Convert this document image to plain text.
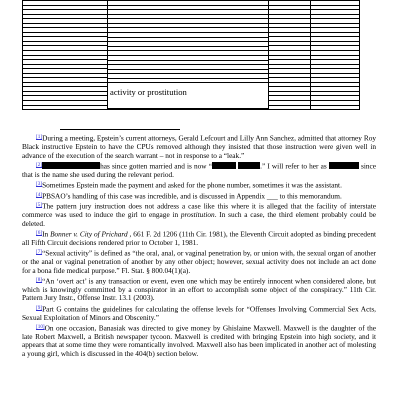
activity or prostitution

[1]During a meeting, Epstein’s current attorneys, Gerald Lefcourt and Lilly Ann Sanchez, admitted that attorney Roy Black instructive Epstein to have the CPUs removed although they insisted that those instruction were given well in advance of the execution of the search warrant – not in response to a “leak.”

[2]	has since gotten married and is now “	.” I will refer to her as	since that is the name she used during the relevant period.

[3]Sometimes Epstein made the payment and asked for the phone number, sometimes it was the assistant.

[4]PBSAO’s handling of this case was incredible, and is discussed in Appendix ___ to this memorandum.

[5]The pattern jury instruction does not address a case like this where it is alleged that the facility of interstate commerce was used to induce the girl to engage in prostitution. In such a case, the third element probably could be deleted.

[6]In Bonner v. City of Prichard , 661 F. 2d 1206 (11th Cir. 1981), the Eleventh Circuit adopted as binding precedent all Fifth Circuit decisions rendered prior to October 1, 1981.

[7]“Sexual activity” is defined as “the oral, anal, or vaginal penetration by, or union with, the sexual organ of another or the anal or vaginal penetration of another by any other object; however, sexual activity does not include an act done for a bona fide medical purpose.” Fl. Stat. § 800.04(1)(a).

[8]“An ‘overt act’ is any transaction or event, even one which may be entirely innocent when considered alone, but which is knowingly committed by a conspirator in an effort to accomplish some object of the conspiracy.” 11th Cir. Pattern Jury Instr., Offense Instr. 13.1 (2003).

[9]Part G contains the guidelines for calculating the offense levels for “Offenses Involving Commercial Sex Acts, Sexual Exploitation of Minors and Obscenity.”

[10]On one occasion, Banasiak was directed to give money by Ghislaine Maxwell. Maxwell is the daughter of the late Robert Maxwell, a British newspaper tycoon. Maxwell is credited with bringing Epstein into high society, and it appears that at some time they were romantically involved. Maxwell also has been implicated in another act of molesting a young girl, which is discussed in the 404(b) section below.
